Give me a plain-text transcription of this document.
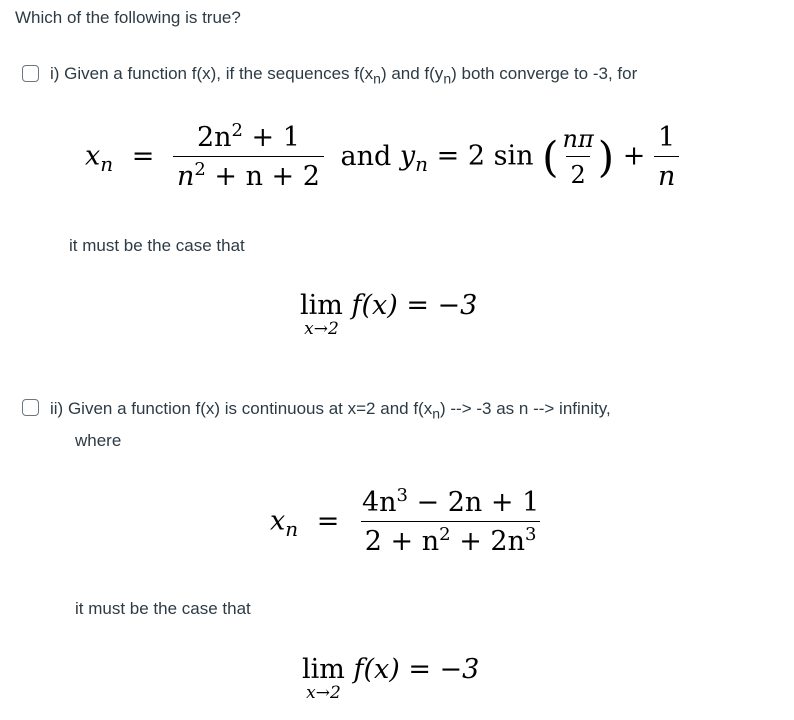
Which of the following is true?
i) Given a function f(x), if the sequences $f(x_n)$ and $f(y_n)$ both converge to -3, for
$x_n = \frac{2n^2 + 1}{n^2 + n + 2}$ and $y_n = 2$ sin ( $\frac{n\pi}{2}$ ) + $\frac{1}{n}$
it must be the case that
lim
x→2
f(x) = −3
ii) Given a function f(x) is continuous at x=2 and $f(x_n)$ --> -3 as n --> infinity,
where
$x_n = \frac{4n^3 - 2n + 1}{2 + n^2 + 2n^3}$
it must be the case that
lim
x→2
f(x) = −3
